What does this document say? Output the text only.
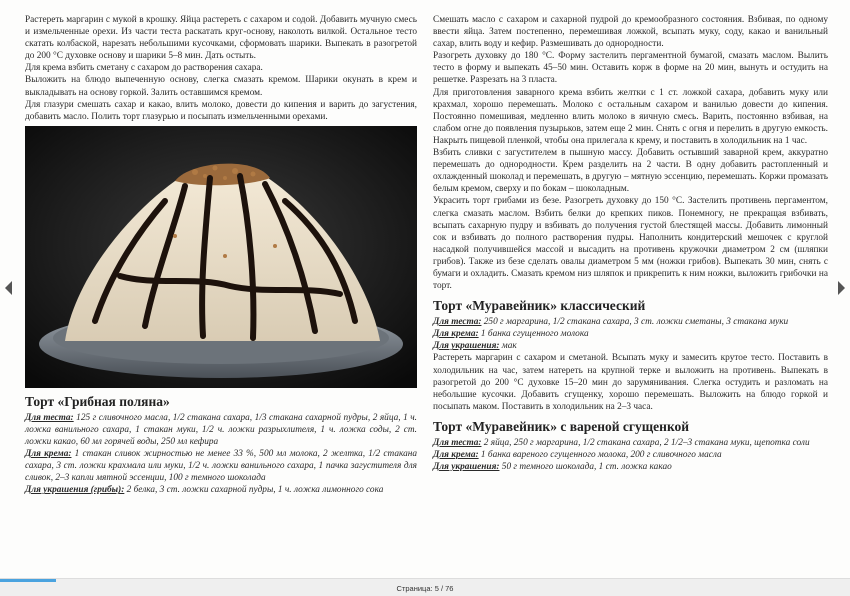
Растереть маргарин с мукой в крошку. Яйца растереть с сахаром и содой. Добавить мучную смесь и измельченные орехи. Из части теста раскатать круг-основу, наколоть вилкой. Остальное тесто скатать колбаской, нарезать небольшими кусочками, сформовать шарики. Выпекать в разогретой до 200 °С духовке основу и шарики 5–8 мин. Дать остыть.

Для крема взбить сметану с сахаром до растворения сахара.

Выложить на блюдо выпеченную основу, слегка смазать кремом. Шарики окунать в крем и выкладывать на основу горкой. Залить оставшимся кремом.

Для глазури смешать сахар и какао, влить молоко, довести до кипения и варить до загустения, добавить масло. Полить торт глазурью и посыпать измельченными орехами.

Торт «Грибная поляна»

Для теста: 125 г сливочного масла, 1/2 стакана сахара, 1/3 стакана сахарной пудры, 2 яйца, 1 ч. ложка ванильного сахара, 1 стакан муки, 1/2 ч. ложки разрыхлителя, 1 ч. ложка соды, 2 ст. ложки какао, 60 мл горячей воды, 250 мл кефира

Для крема: 1 стакан сливок жирностью не менее 33 %, 500 мл молока, 2 желтка, 1/2 стакана сахара, 3 ст. ложки крахмала или муки, 1/2 ч. ложки ванильного сахара, 1 пачка загустителя для сливок, 2–3 капли мятной эссенции, 100 г темного шоколада

Для украшения (грибы): 2 белка, 3 ст. ложки сахарной пудры, 1 ч. ложка лимонного сока

Смешать масло с сахаром и сахарной пудрой до кремообразного состояния. Взбивая, по одному ввести яйца. Затем постепенно, перемешивая ложкой, всыпать муку, соду, какао и ванильный сахар, влить воду и кефир. Размешивать до однородности.

Разогреть духовку до 180 °С. Форму застелить пергаментной бумагой, смазать маслом. Вылить тесто в форму и выпекать 45–50 мин. Оставить корж в форме на 20 мин, вынуть и остудить на решетке. Разрезать на 3 пласта.

Для приготовления заварного крема взбить желтки с 1 ст. ложкой сахара, добавить муку или крахмал, хорошо перемешать. Молоко с остальным сахаром и ванилью довести до кипения. Постоянно помешивая, медленно влить молоко в яичную смесь. Варить, постоянно взбивая, на слабом огне до появления пузырьков, затем еще 2 мин. Снять с огня и перелить в другую емкость. Накрыть пищевой пленкой, чтобы она прилегала к крему, и поставить в холодильник на 1 час.

Взбить сливки с загустителем в пышную массу. Добавить остывший заварной крем, аккуратно перемешать до однородности. Крем разделить на 2 части. В одну добавить растопленный и охлажденный шоколад и перемешать, в другую – мятную эссенцию, перемешать. Коржи промазать белым кремом, сверху и по бокам – шоколадным.

Украсить торт грибами из безе. Разогреть духовку до 150 °С. Застелить противень пергаментом, слегка смазать маслом. Взбить белки до крепких пиков. Понемногу, не прекращая взбивать, всыпать сахарную пудру и взбивать до получения густой блестящей массы. Добавить лимонный сок и взбивать до полного растворения пудры. Наполнить кондитерский мешочек с круглой насадкой получившейся массой и высадить на противень кружочки диаметром 2 см (шляпки грибов). Также из безе сделать овалы диаметром 5 мм (ножки грибов). Выпекать 30 мин, снять с бумаги и охладить. Смазать кремом низ шляпок и прикрепить к ним ножки, выложить грибочки на торт.

Торт «Муравейник» классический

Для теста: 250 г маргарина, 1/2 стакана сахара, 3 ст. ложки сметаны, 3 стакана муки

Для крема: 1 банка сгущенного молока

Для украшения: мак

Растереть маргарин с сахаром и сметаной. Всыпать муку и замесить крутое тесто. Поставить в холодильник на час, затем натереть на крупной терке и выложить на противень. Выпекать в разогретой до 200 °С духовке 15–20 мин до зарумянивания. Слегка остудить и разломать на небольшие кусочки. Добавить сгущенку, хорошо перемешать. Выложить на блюдо горкой и посыпать маком. Поставить в холодильник на 2–3 часа.

Торт «Муравейник» с вареной сгущенкой

Для теста: 2 яйца, 250 г маргарина, 1/2 стакана сахара, 2 1/2–3 стакана муки, щепотка соли

Для крема: 1 банка вареного сгущенного молока, 200 г сливочного масла

Для украшения: 50 г темного шоколада, 1 ст. ложка какао

Страница: 5 / 76
